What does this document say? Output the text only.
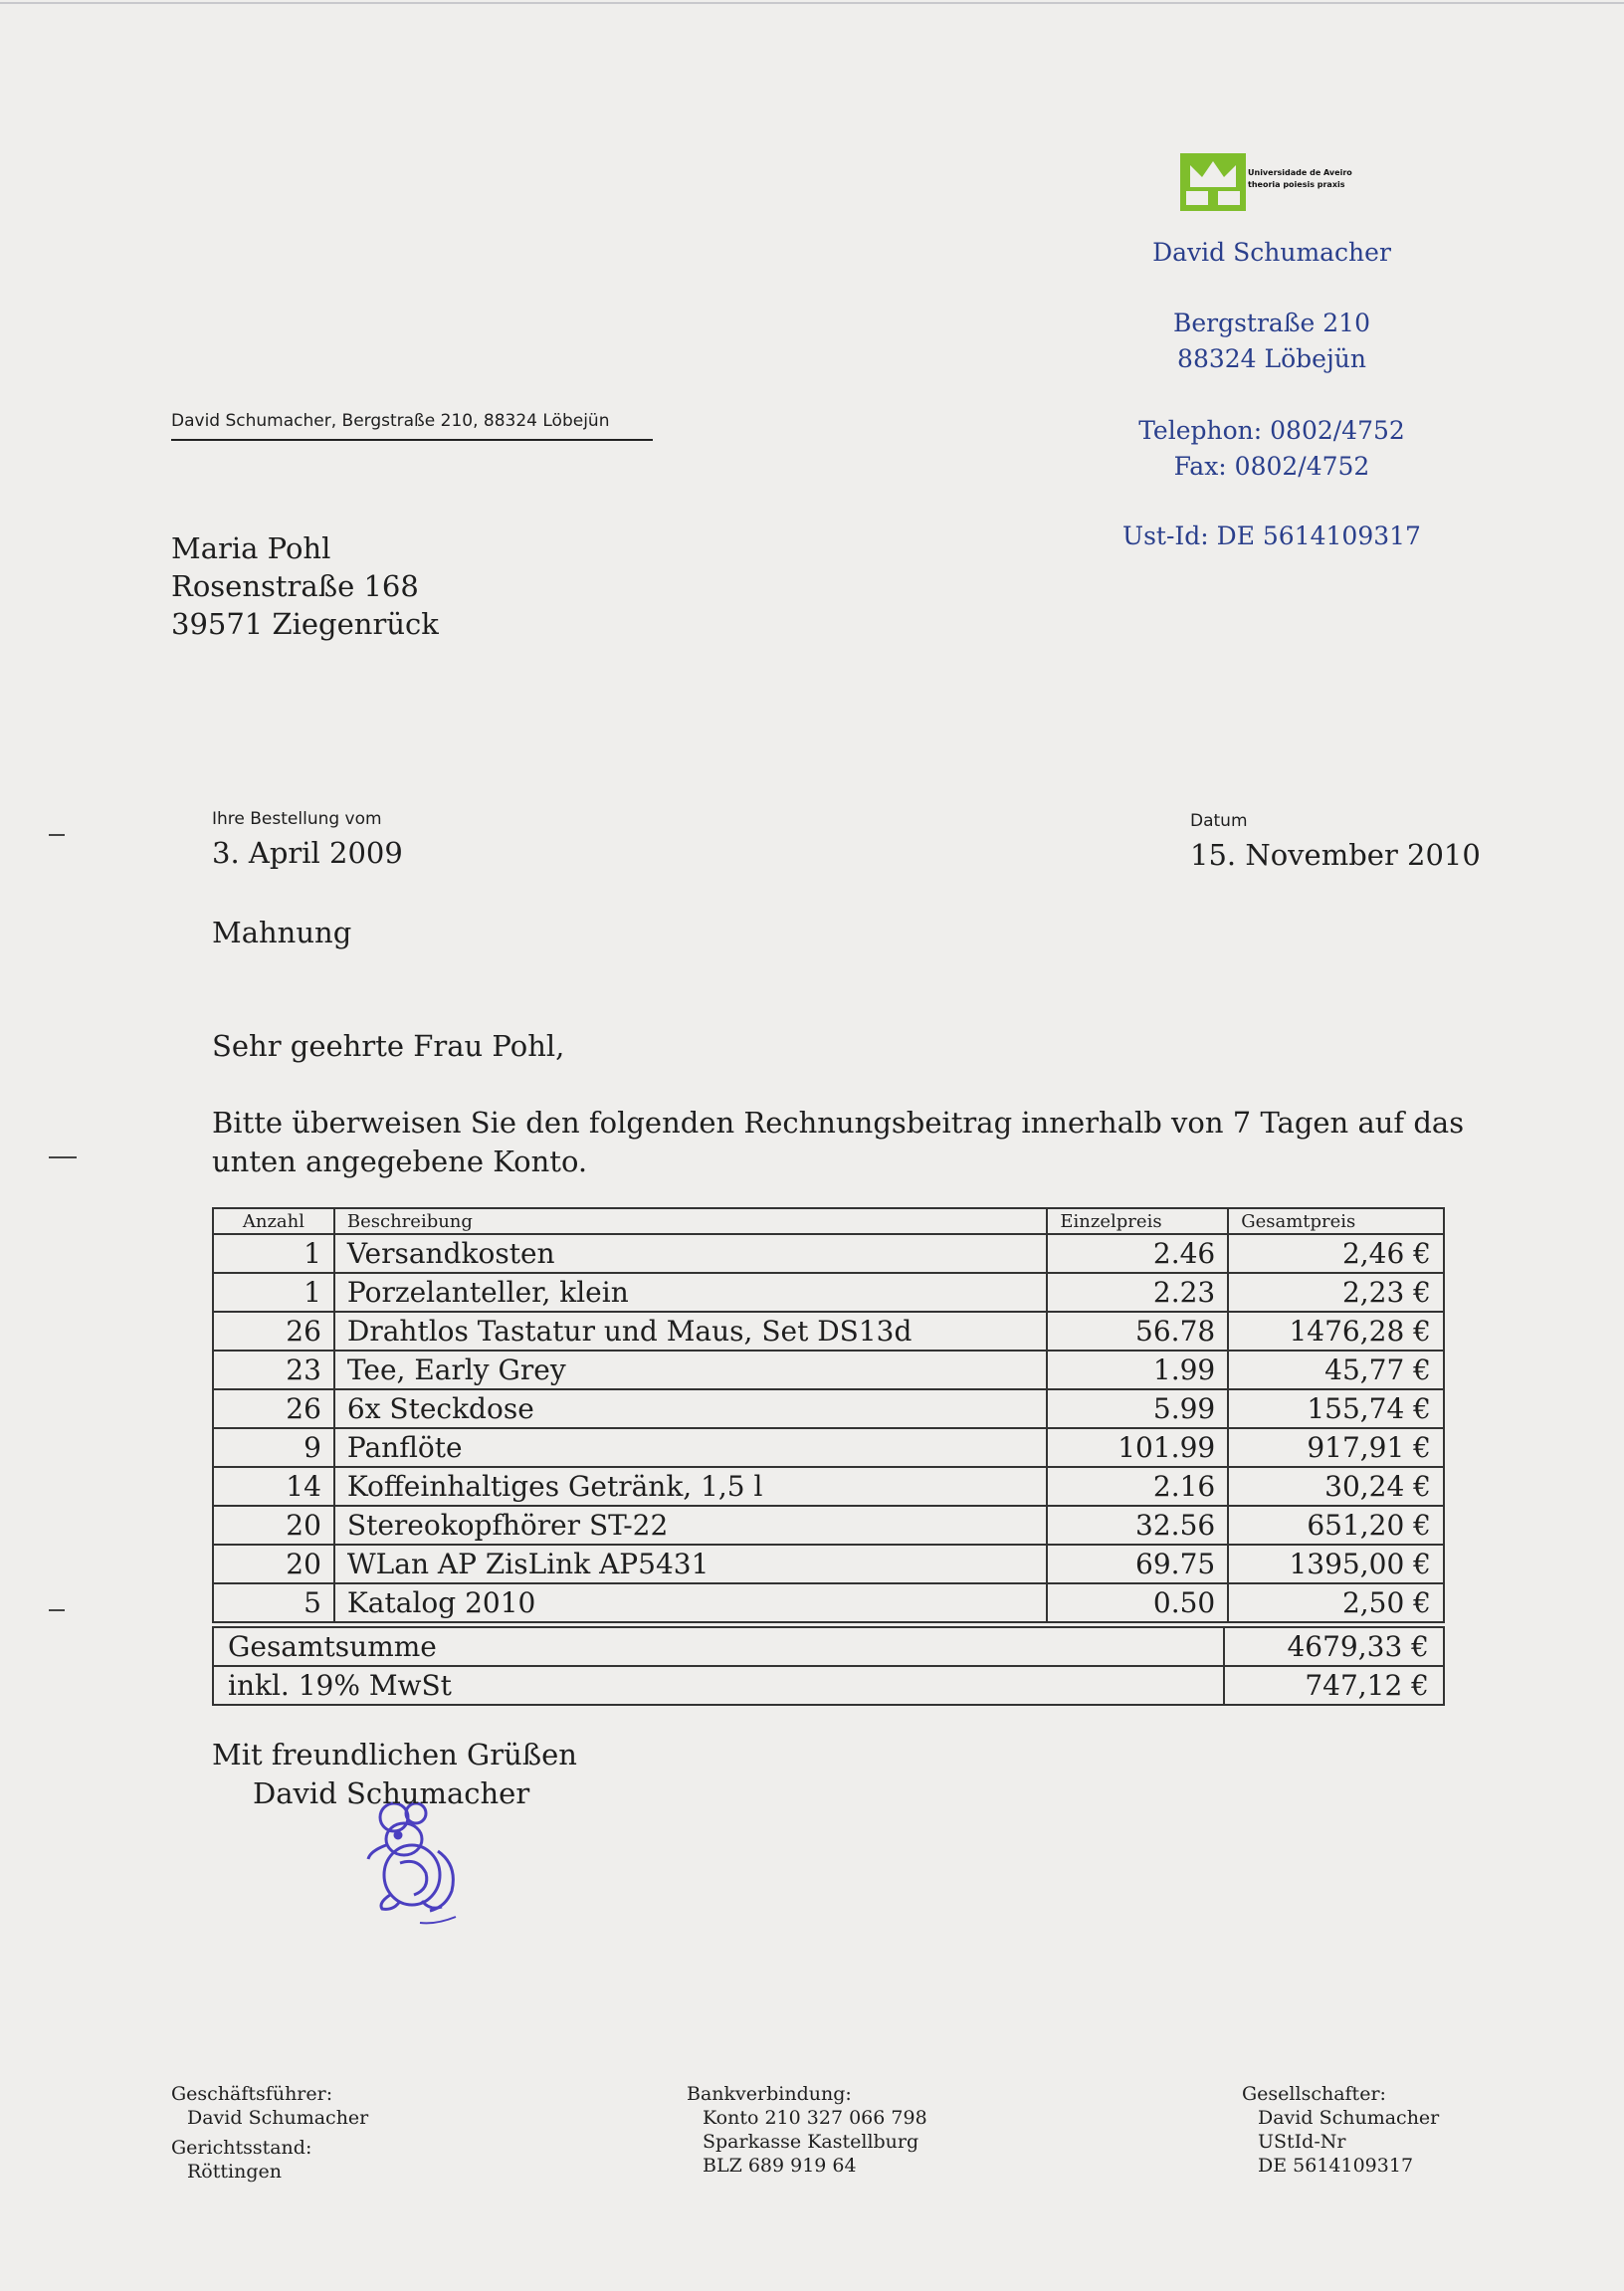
Universidade de Aveiro
theoria poiesis praxis
David Schumacher
Bergstraße 210
88324 Löbejün
Telephon: 0802/4752
Fax: 0802/4752
Ust-Id: DE 5614109317
David Schumacher, Bergstraße 210, 88324 Löbejün
Maria Pohl
Rosenstraße 168
39571 Ziegenrück
Ihre Bestellung vom
3. April 2009
Datum
15. November 2010
Mahnung
Sehr geehrte Frau Pohl,
Bitte überweisen Sie den folgenden Rechnungsbeitrag innerhalb von 7 Tagen auf das
unten angegebene Konto.
Anzahl	Beschreibung	Einzelpreis	Gesamtpreis
1	Versandkosten	2.46	2,46 €
1	Porzelanteller, klein	2.23	2,23 €
26	Drahtlos Tastatur und Maus, Set DS13d	56.78	1476,28 €
23	Tee, Early Grey	1.99	45,77 €
26	6x Steckdose	5.99	155,74 €
9	Panflöte	101.99	917,91 €
14	Koffeinhaltiges Getränk, 1,5 l	2.16	30,24 €
20	Stereokopfhörer ST-22	32.56	651,20 €
20	WLan AP ZisLink AP5431	69.75	1395,00 €
5	Katalog 2010	0.50	2,50 €
Gesamtsumme	4679,33 €
inkl. 19% MwSt	747,12 €
Mit freundlichen Grüßen
David Schumacher
Geschäftsführer:
David Schumacher
Gerichtsstand:
Röttingen
Bankverbindung:
Konto 210 327 066 798
Sparkasse Kastellburg
BLZ 689 919 64
Gesellschafter:
David Schumacher
UStId-Nr
DE 5614109317
